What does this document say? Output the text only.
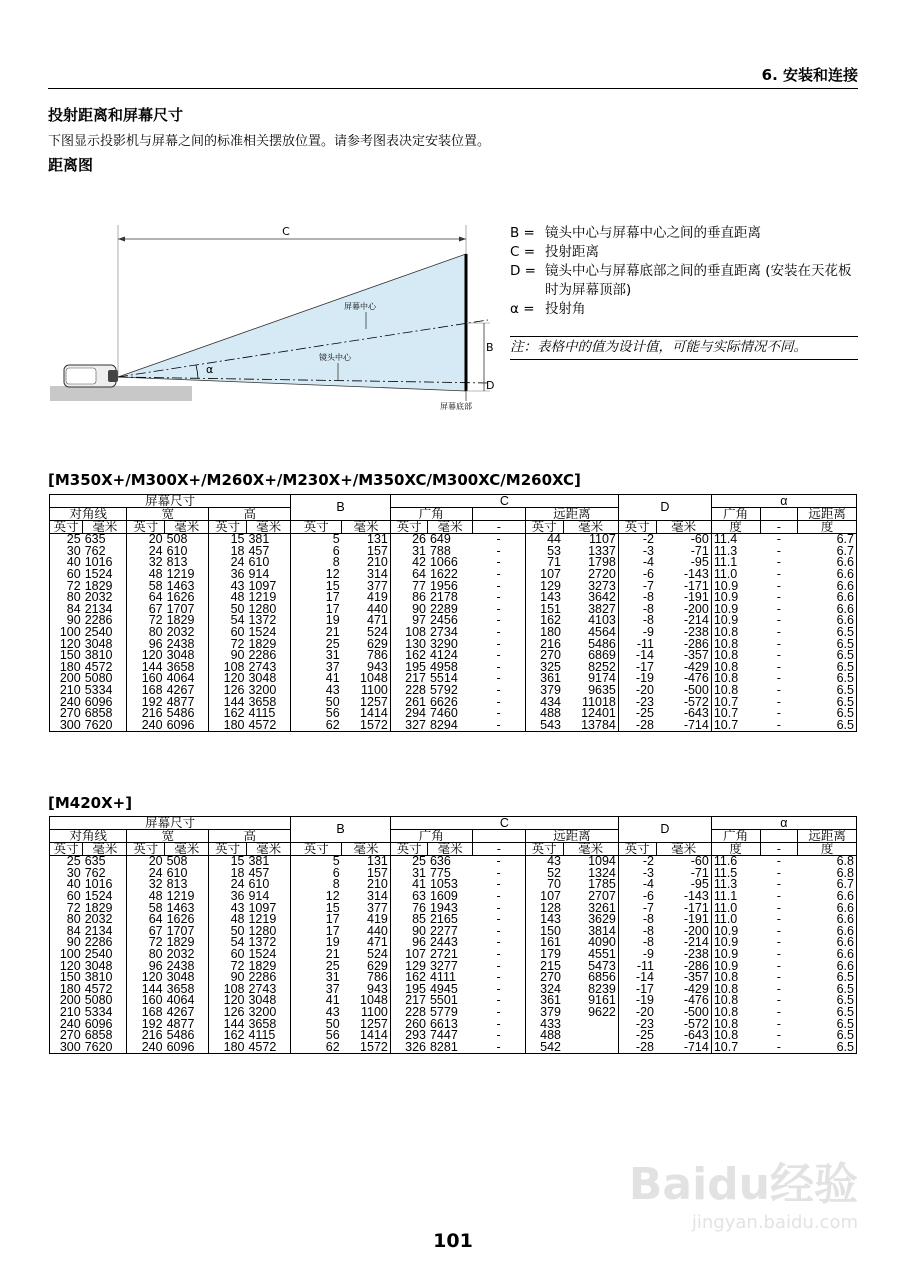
6. 安装和连接
投射距离和屏幕尺寸
下图显示投影机与屏幕之间的标准相关摆放位置。请参考图表决定安装位置。
距离图
C
α
屏幕中心
镜头中心
屏幕底部
B
D
B = 镜头中心与屏幕中心之间的垂直距离
C = 投射距离
D = 镜头中心与屏幕底部之间的垂直距离 (安装在天花板时为屏幕顶部)
α = 投射角
注：表格中的值为设计值，可能与实际情况不同。
[M350X+/M300X+/M260X+/M230X+/M350XC/M300XC/M260XC]
屏幕尺寸						B		C					D		α		
对角线		宽		高				广角			远距离				广角		远距离
英寸	毫米	英寸	毫米	英寸	毫米	英寸	毫米	英寸	毫米	-	英寸	毫米	英寸	毫米	度	-	度
25	635	20	508	15	381	5	131	26	649	-	44	1107	-2	-60	11.4	-	6.7
30	762	24	610	18	457	6	157	31	788	-	53	1337	-3	-71	11.3	-	6.7
40	1016	32	813	24	610	8	210	42	1066	-	71	1798	-4	-95	11.1	-	6.6
60	1524	48	1219	36	914	12	314	64	1622	-	107	2720	-6	-143	11.0	-	6.6
72	1829	58	1463	43	1097	15	377	77	1956	-	129	3273	-7	-171	10.9	-	6.6
80	2032	64	1626	48	1219	17	419	86	2178	-	143	3642	-8	-191	10.9	-	6.6
84	2134	67	1707	50	1280	17	440	90	2289	-	151	3827	-8	-200	10.9	-	6.6
90	2286	72	1829	54	1372	19	471	97	2456	-	162	4103	-8	-214	10.9	-	6.6
100	2540	80	2032	60	1524	21	524	108	2734	-	180	4564	-9	-238	10.8	-	6.5
120	3048	96	2438	72	1829	25	629	130	3290	-	216	5486	-11	-286	10.8	-	6.5
150	3810	120	3048	90	2286	31	786	162	4124	-	270	6869	-14	-357	10.8	-	6.5
180	4572	144	3658	108	2743	37	943	195	4958	-	325	8252	-17	-429	10.8	-	6.5
200	5080	160	4064	120	3048	41	1048	217	5514	-	361	9174	-19	-476	10.8	-	6.5
210	5334	168	4267	126	3200	43	1100	228	5792	-	379	9635	-20	-500	10.8	-	6.5
240	6096	192	4877	144	3658	50	1257	261	6626	-	434	11018	-23	-572	10.7	-	6.5
270	6858	216	5486	162	4115	56	1414	294	7460	-	488	12401	-25	-643	10.7	-	6.5
300	7620	240	6096	180	4572	62	1572	327	8294	-	543	13784	-28	-714	10.7	-	6.5
[M420X+]
屏幕尺寸						B		C					D		α		
对角线		宽		高				广角			远距离				广角		远距离
英寸	毫米	英寸	毫米	英寸	毫米	英寸	毫米	英寸	毫米	-	英寸	毫米	英寸	毫米	度	-	度
25	635	20	508	15	381	5	131	25	636	-	43	1094	-2	-60	11.6	-	6.8
30	762	24	610	18	457	6	157	31	775	-	52	1324	-3	-71	11.5	-	6.8
40	1016	32	813	24	610	8	210	41	1053	-	70	1785	-4	-95	11.3	-	6.7
60	1524	48	1219	36	914	12	314	63	1609	-	107	2707	-6	-143	11.1	-	6.6
72	1829	58	1463	43	1097	15	377	76	1943	-	128	3261	-7	-171	11.0	-	6.6
80	2032	64	1626	48	1219	17	419	85	2165	-	143	3629	-8	-191	11.0	-	6.6
84	2134	67	1707	50	1280	17	440	90	2277	-	150	3814	-8	-200	10.9	-	6.6
90	2286	72	1829	54	1372	19	471	96	2443	-	161	4090	-8	-214	10.9	-	6.6
100	2540	80	2032	60	1524	21	524	107	2721	-	179	4551	-9	-238	10.9	-	6.6
120	3048	96	2438	72	1829	25	629	129	3277	-	215	5473	-11	-286	10.9	-	6.6
150	3810	120	3048	90	2286	31	786	162	4111	-	270	6856	-14	-357	10.8	-	6.5
180	4572	144	3658	108	2743	37	943	195	4945	-	324	8239	-17	-429	10.8	-	6.5
200	5080	160	4064	120	3048	41	1048	217	5501	-	361	9161	-19	-476	10.8	-	6.5
210	5334	168	4267	126	3200	43	1100	228	5779	-	379	9622	-20	-500	10.8	-	6.5
240	6096	192	4877	144	3658	50	1257	260	6613	-	433		-23	-572	10.8	-	6.5
270	6858	216	5486	162	4115	56	1414	293	7447	-	488		-25	-643	10.8	-	6.5
300	7620	240	6096	180	4572	62	1572	326	8281	-	542		-28	-714	10.7	-	6.5
101
Baidu经验
jingyan.baidu.com
